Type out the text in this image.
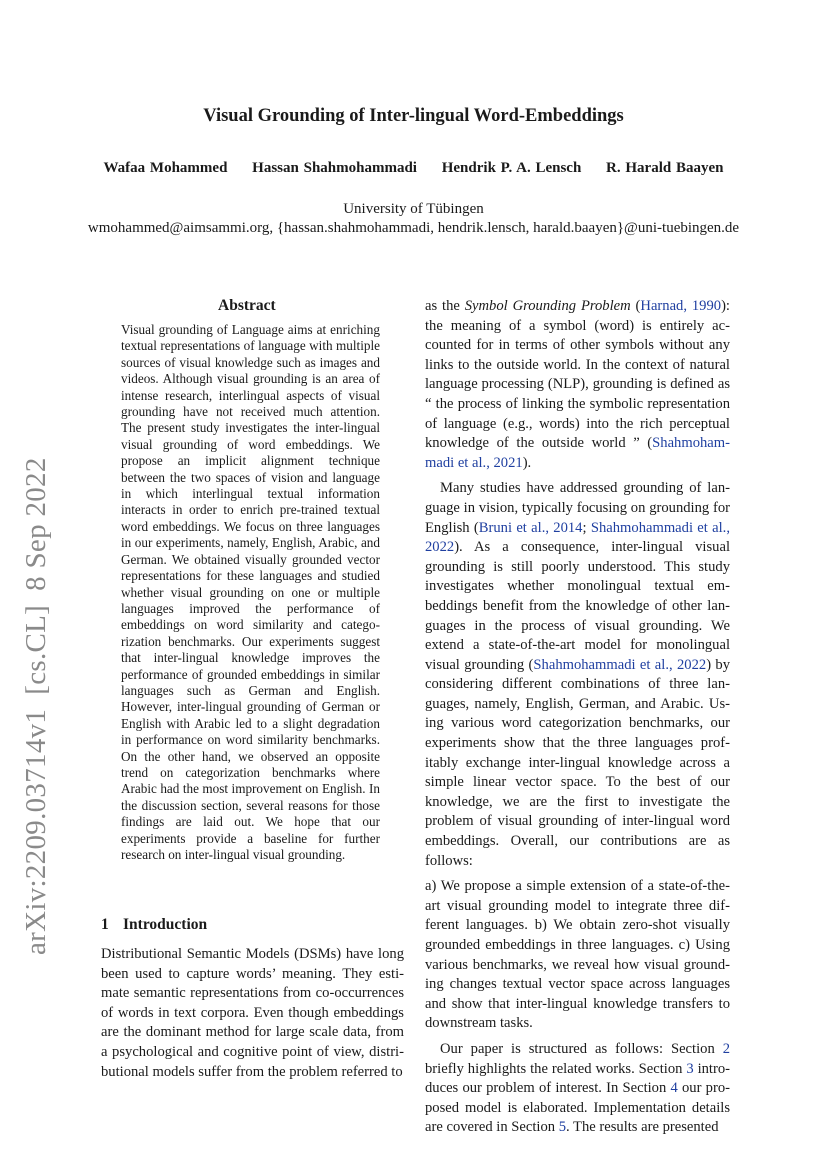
Visual Grounding of Inter-lingual Word-Embeddings
Wafaa Mohammed Hassan Shahmohammadi Hendrik P. A. Lensch R. Harald Baayen
University of Tübingen
wmohammed@aimsammi.org, {hassan.shahmohammadi, hendrik.lensch, harald.baayen}@uni-tuebingen.de
arXiv:2209.03714v1[cs.CL]8 Sep 2022
Abstract

Visual grounding of Language aims at enriching textual representations of language with multiple sources of visual knowledge such as images and videos. Although visual grounding is an area of intense research, interlingual aspects of visual grounding have not received much attention. The present study investigates the inter-lingual visual grounding of word embeddings. We propose an implicit alignment technique between the two spaces of vision and language in which interlingual textual information interacts in order to enrich pre-trained textual word embeddings. We focus on three languages in our experiments, namely, English, Arabic, and German. We obtained visually grounded vector representations for these languages and studied whether visual grounding on one or multiple languages improved the performance of embeddings on word similarity and categorization benchmarks. Our experiments suggest that inter-lingual knowledge improves the performance of grounded embeddings in similar languages such as German and English. However, inter-lingual grounding of German or English with Arabic led to a slight degradation in performance on word similarity benchmarks. On the other hand, we observed an opposite trend on categorization benchmarks where Arabic had the most improvement on English. In the discussion section, several reasons for those findings are laid out. We hope that our experiments provide a baseline for further research on inter-lingual visual grounding.

1 Introduction

Distributional Semantic Models (DSMs) have long been used to capture words’ meaning. They estimate semantic representations from co-occurrences of words in text corpora. Even though embeddings are the dominant method for large scale data, from a psychological and cognitive point of view, distributional models suffer from the problem referred to

as the Symbol Grounding Problem (Harnad, 1990): the meaning of a symbol (word) is entirely accounted for in terms of other symbols without any links to the outside world. In the context of natural language processing (NLP), grounding is defined as “ the process of linking the symbolic representation of language (e.g., words) into the rich perceptual knowledge of the outside world ” (Shahmohammadi et al., 2021).

Many studies have addressed grounding of language in vision, typically focusing on grounding for English (Bruni et al., 2014; Shahmohammadi et al., 2022). As a consequence, inter-lingual visual grounding is still poorly understood. This study investigates whether monolingual textual embeddings benefit from the knowledge of other languages in the process of visual grounding. We extend a state-of-the-art model for monolingual visual grounding (Shahmohammadi et al., 2022) by considering different combinations of three languages, namely, English, German, and Arabic. Using various word categorization benchmarks, our experiments show that the three languages profitably exchange inter-lingual knowledge across a simple linear vector space. To the best of our knowledge, we are the first to investigate the problem of visual grounding of inter-lingual word embeddings. Overall, our contributions are as follows:

a) We propose a simple extension of a state-of-the-art visual grounding model to integrate three different languages. b) We obtain zero-shot visually grounded embeddings in three languages. c) Using various benchmarks, we reveal how visual grounding changes textual vector space across languages and show that inter-lingual knowledge transfers to downstream tasks.

Our paper is structured as follows: Section 2 briefly highlights the related works. Section 3 introduces our problem of interest. In Section 4 our proposed model is elaborated. Implementation details are covered in Section 5. The results are presented
